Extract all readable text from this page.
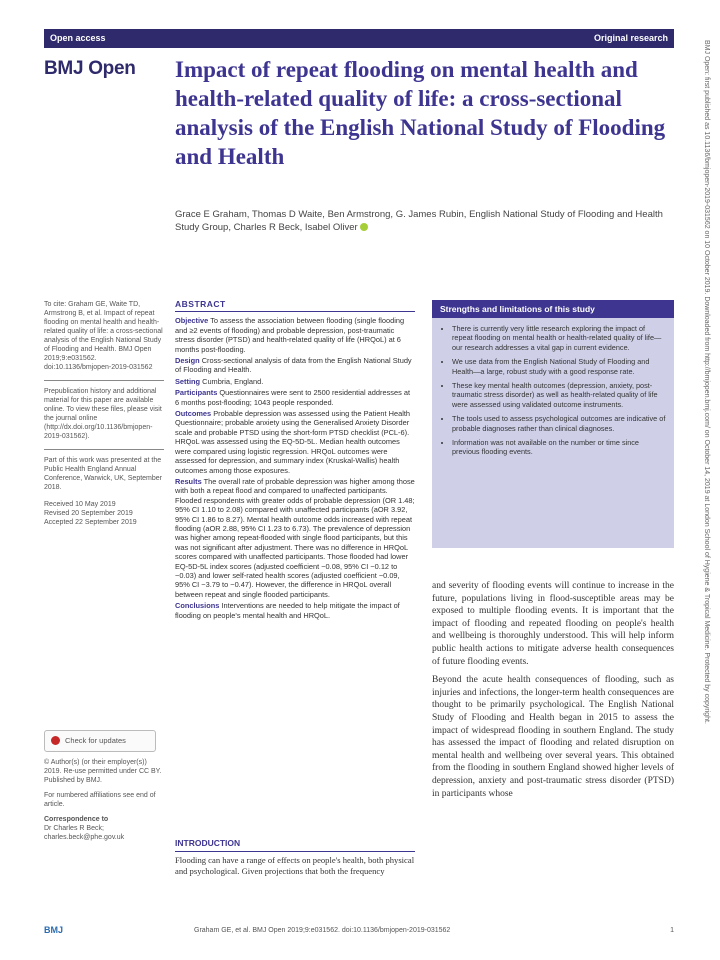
Open access	Original research
BMJ Open Impact of repeat flooding on mental health and health-related quality of life: a cross-sectional analysis of the English National Study of Flooding and Health
Grace E Graham, Thomas D Waite, Ben Armstrong, G. James Rubin, English National Study of Flooding and Health Study Group, Charles R Beck, Isabel Oliver

To cite: Graham GE, Waite TD, Armstrong B, et al. Impact of repeat flooding on mental health and health-related quality of life: a cross-sectional analysis of the English National Study of Flooding and Health. BMJ Open 2019;9:e031562. doi:10.1136/bmjopen-2019-031562

Prepublication history and additional material for this paper are available online. To view these files, please visit the journal online (http://dx.doi.org/10.1136/bmjopen-2019-031562).

Part of this work was presented at the Public Health England Annual Conference, Warwick, UK, September 2018.

Received 10 May 2019

Revised 20 September 2019

Accepted 22 September 2019

Check for updates

© Author(s) (or their employer(s)) 2019. Re-use permitted under CC BY. Published by BMJ.

For numbered affiliations see end of article.

Correspondence to

Dr Charles R Beck;

charles.beck@phe.gov.uk

ABSTRACT

Objective To assess the association between flooding (single flooding and ≥2 events of flooding) and probable depression, post-traumatic stress disorder (PTSD) and health-related quality of life (HRQoL) at 6 months post-flooding.

Design Cross-sectional analysis of data from the English National Study of Flooding and Health.

Setting Cumbria, England.

Participants Questionnaires were sent to 2500 residential addresses at 6 months post-flooding; 1043 people responded.

Outcomes Probable depression was assessed using the Patient Health Questionnaire; probable anxiety using the Generalised Anxiety Disorder scale and probable PTSD using the short-form PTSD checklist (PCL-6). HRQoL was assessed using the EQ-5D-5L. Median health outcomes were compared using logistic regression. HRQoL outcomes were assessed for depression, and summary index (Kruskal-Wallis) health outcomes among those exposures.

Results The overall rate of probable depression was higher among those with both a repeat flood and compared to unaffected participants. Flooded respondents with greater odds of probable depression (OR 1.48; 95% CI 1.10 to 2.08) compared with unaffected participants (aOR 3.92, 95% CI 1.86 to 8.27). Mental health outcome odds increased with repeat flooding (aOR 2.88, 95% CI 1.23 to 6.73). The prevalence of depression was higher among repeat-flooded with single flood participants, but this was not significant after adjustment. There was no difference in HRQoL scores compared with unaffected participants. Those flooded had lower EQ-5D-5L index scores (adjusted coefficient −0.08, 95% CI −0.12 to −0.03) and lower self-rated health scores (adjusted coefficient −0.09, 95% CI −3.79 to −0.47). However, the difference in HRQoL overall between repeat and single flooded participants.

Conclusions Interventions are needed to help mitigate the impact of flooding on people's mental health and HRQoL.

INTRODUCTION
Flooding can have a range of effects on people's health, both physical and psychological. Given projections that both the frequency
Strengths and limitations of this study
• There is currently very little research exploring the impact of repeat flooding on mental health or health-related quality of life—our research addresses a vital gap in current evidence.
• We use data from the English National Study of Flooding and Health—a large, robust study with a good response rate.
• These key mental health outcomes (depression, anxiety, post-traumatic stress disorder) as well as health-related quality of life were assessed using validated outcome instruments.
• The tools used to assess psychological outcomes are indicative of probable diagnoses rather than clinical diagnoses.
• Information was not available on the number or time since previous flooding events.

and severity of flooding events will continue to increase in the future, populations living in flood-susceptible areas may be exposed to multiple flooding events. It is important that the impact of flooding and repeated flooding on people's health and wellbeing is thoroughly understood. This will help inform public health actions to mitigate adverse health consequences of future flooding events.

Beyond the acute health consequences of flooding, such as injuries and infections, the longer-term health consequences are thought to be primarily psychological. The English National Study of Flooding and Health began in 2015 to assess the impact of widespread flooding in southern England. The study has assessed the impact of flooding and related disruption on mental health and wellbeing over several years. This obtained from the flooding in southern England showed higher levels of depression, anxiety and post-traumatic stress disorder (PTSD) in participants whose

BMJ Open: first published as 10.1136/bmjopen-2019-031562 on 10 October 2019. Downloaded from http://bmjopen.bmj.com/ on October 14, 2019 at London School of Hygiene & Tropical Medicine. Protected by copyright.
BMJ	Graham GE, et al. BMJ Open 2019;9:e031562. doi:10.1136/bmjopen-2019-031562	1
